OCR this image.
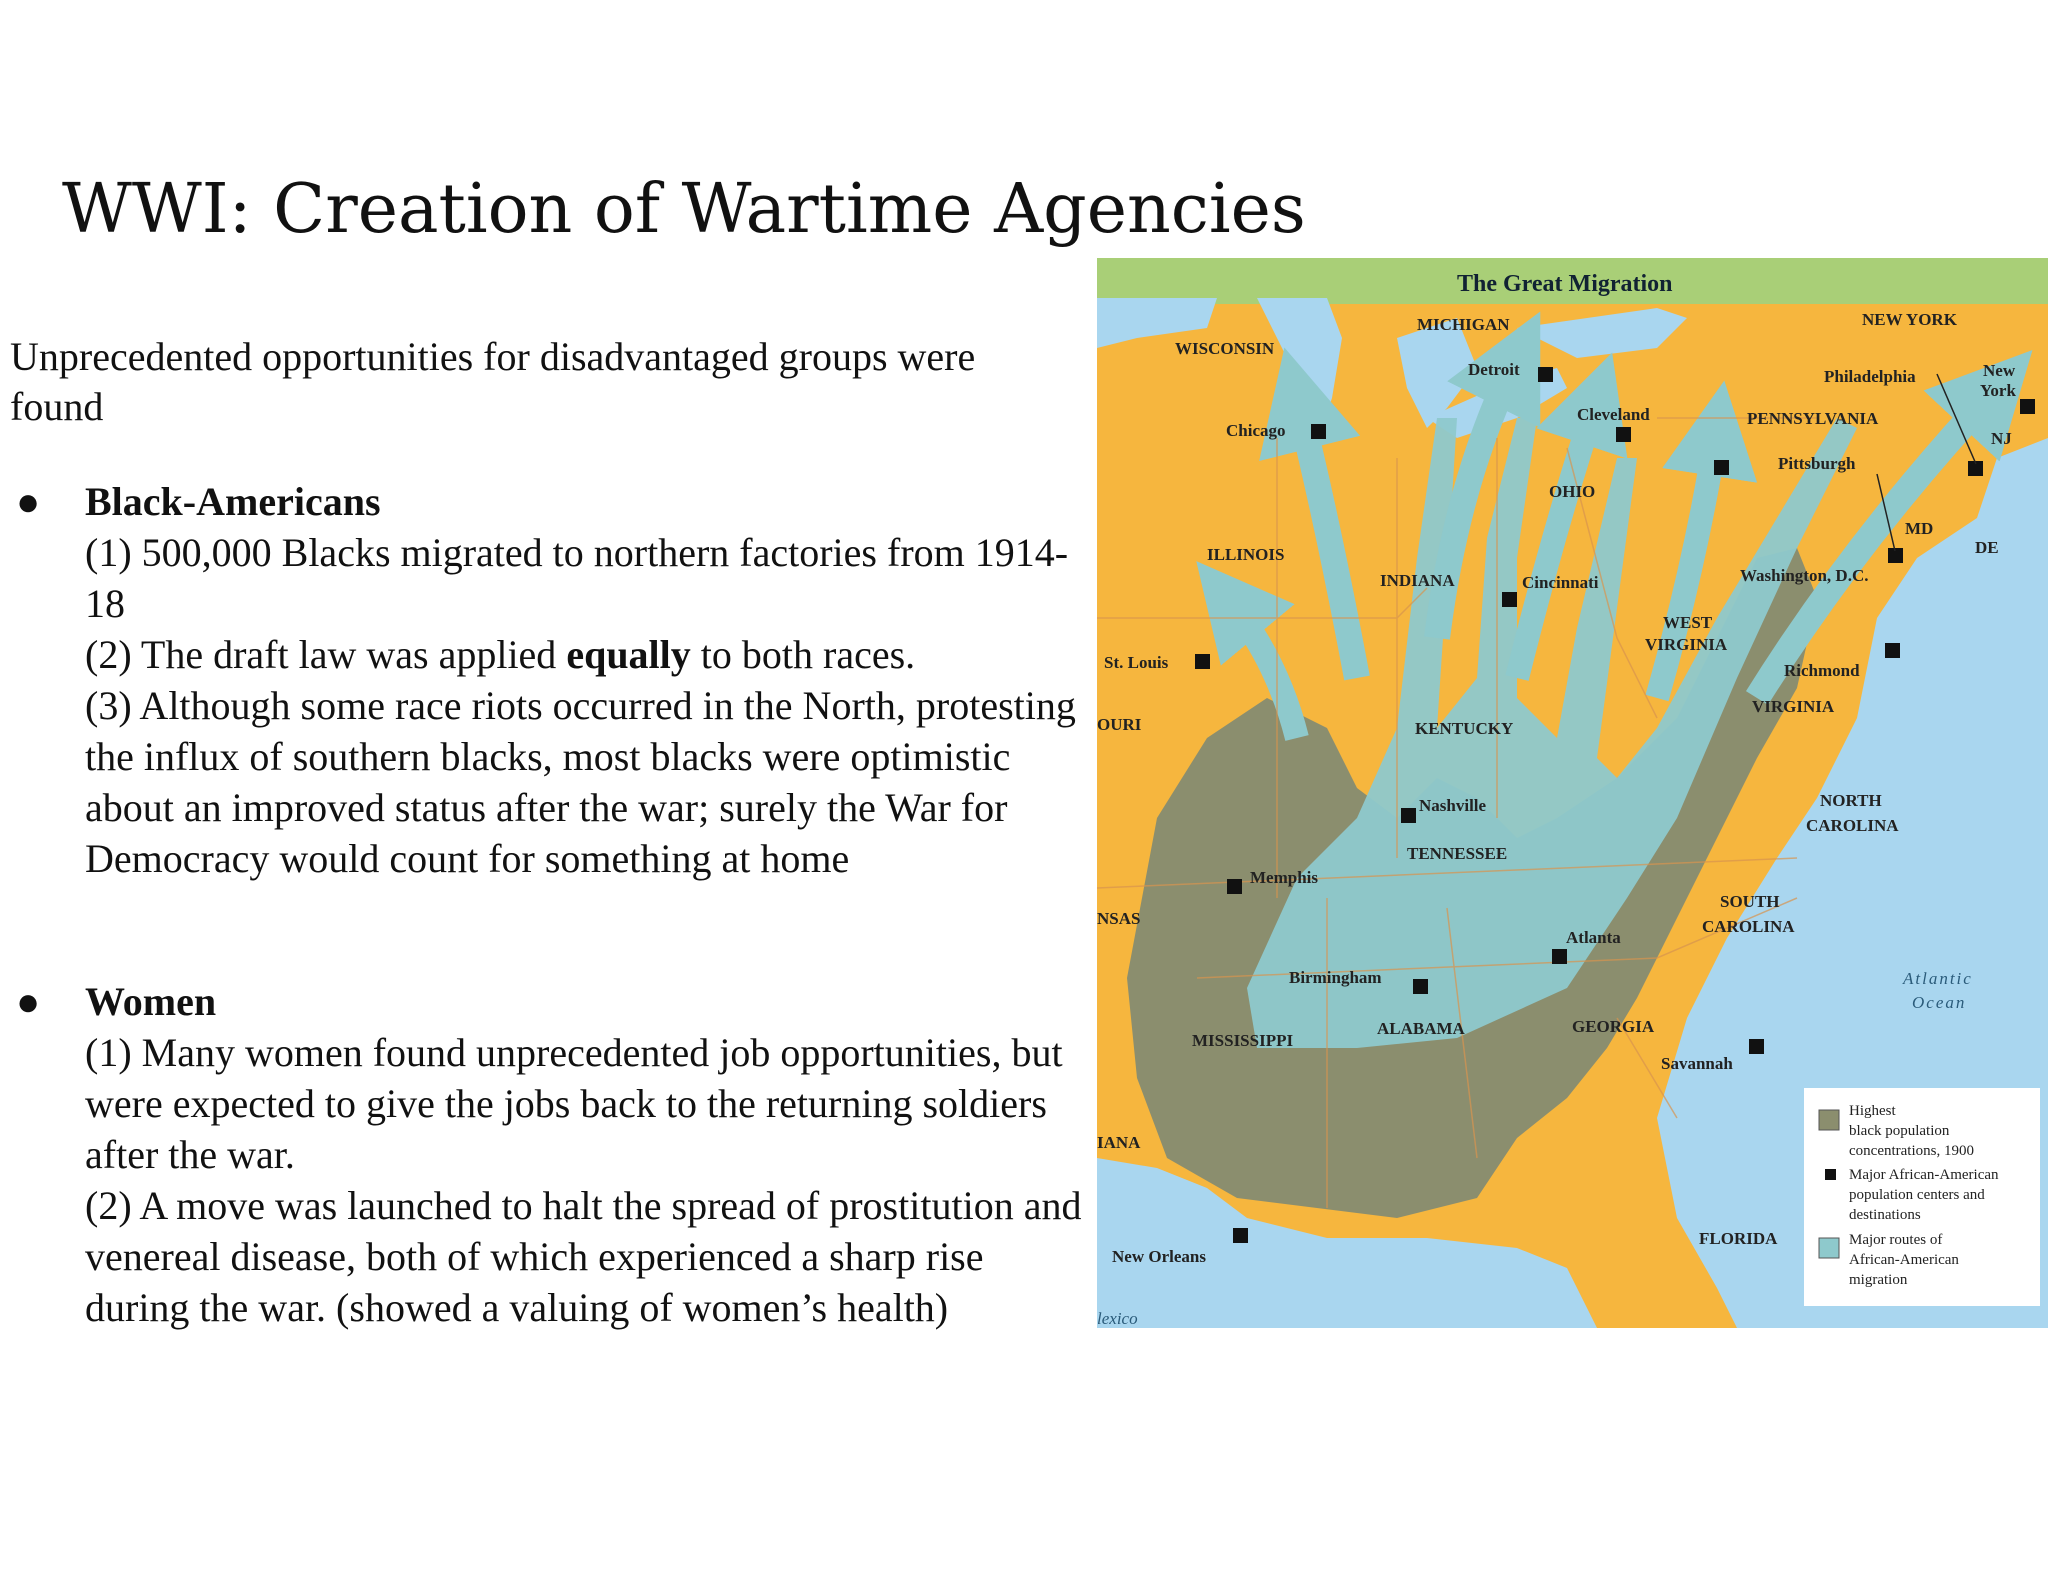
WWI: Creation of Wartime Agencies
Unprecedented opportunities for disadvantaged groups were found
● Black-Americans
(1) 500,000 Blacks migrated to northern factories from 1914-18
(2) The draft law was applied equally to both races.
(3) Although some race riots occurred in the North, protesting the influx of southern blacks, most blacks were optimistic about an improved status after the war; surely the War for Democracy would count for something at home
● Women
(1) Many women found unprecedented job opportunities, but were expected to give the jobs back to the returning soldiers after the war.
(2) A move was launched to halt the spread of prostitution and venereal disease, both of which experienced a sharp rise during the war. (showed a valuing of women’s health)
The Great Migration
WISCONSIN
MICHIGAN	NEW YORK
ILLINOIS
INDIANA
OHIO
PENNSYLVANIA
NJ
MD
DE
WEST
VIRGINIA
VIRGINIA
KENTUCKY
TENNESSEE
NORTH
CAROLINA
SOUTH
CAROLINA
MISSISSIPPI
ALABAMA	GEORGIA
FLORIDA
OURI
NSAS
IANA
Detroit
Chicago
Cleveland
Philadelphia	New
York
Pittsburgh
Washington, D.C.
Cincinnati
St. Louis	Richmond
Nashville
Memphis
Atlanta
Birmingham
Savannah
New Orleans
Atlantic
Ocean
lexico
Highest
black population
concentrations, 1900
Major African-American
population centers and
destinations
Major routes of
African-American
migration
